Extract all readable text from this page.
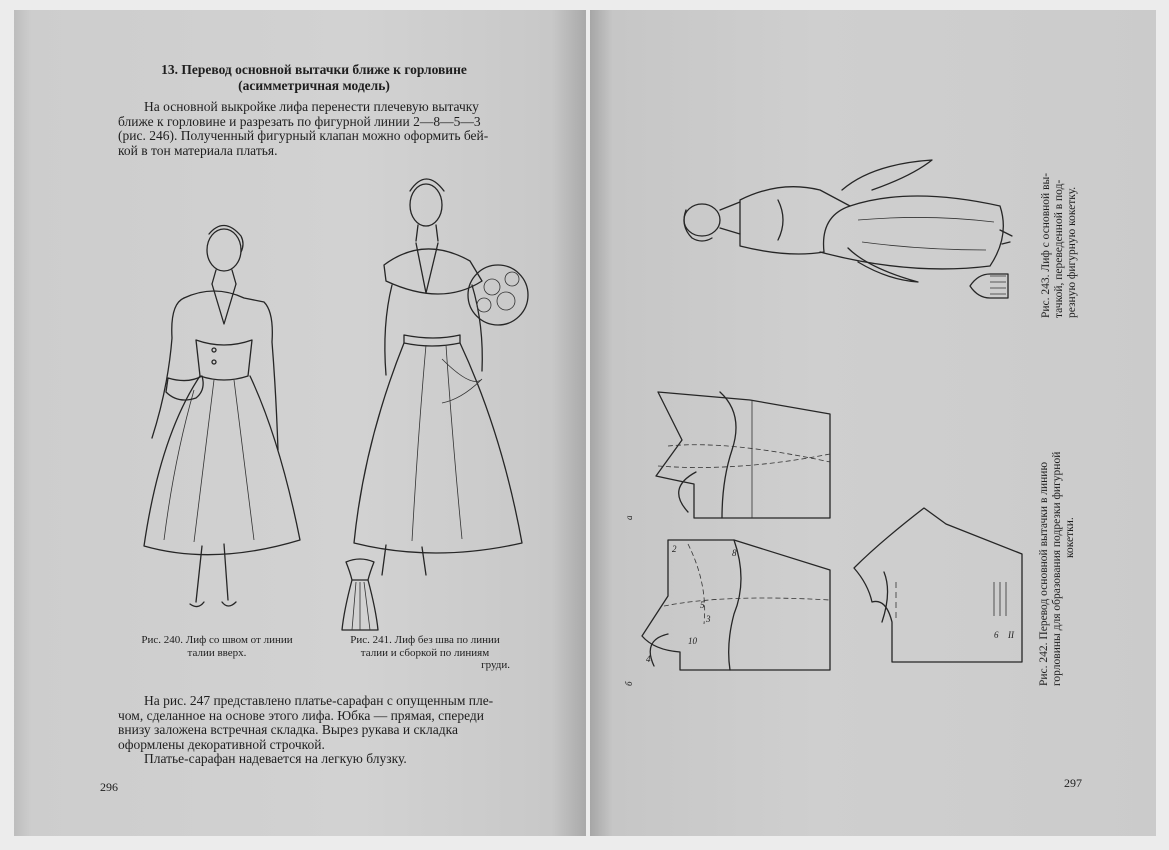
13. Перевод основной вытачки ближе к горловине
(асимметричная модель)

На основной выкройке лифа перенести плечевую вытачку

ближе к горловине и разрезать по фигурной линии 2—8—5—3
(рис. 246). Полученный фигурный клапан можно оформить бей-
кой в тон материала платья.
Рис. 240. Лиф со швом от линии
талии вверх.
Рис. 241. Лиф без шва по линии
талии и сборкой по линиям
груди.

На рис. 247 представлено платье-сарафан с опущенным пле-

чом, сделанное на основе этого лифа. Юбка — прямая, спереди
внизу заложена встречная складка. Вырез рукава и складка
оформлены декоративной строчкой.

Платье-сарафан надевается на легкую блузку.

296
Рис. 243. Лиф с основной вы- тачкой, переведенной в под- резную фигурную кокетку.
а
б
2	8
5
3
10
4
6 II Рис. 242. Перевод основной вытачки в линию горловины для образования подрезки фигурной кокетки.
297
